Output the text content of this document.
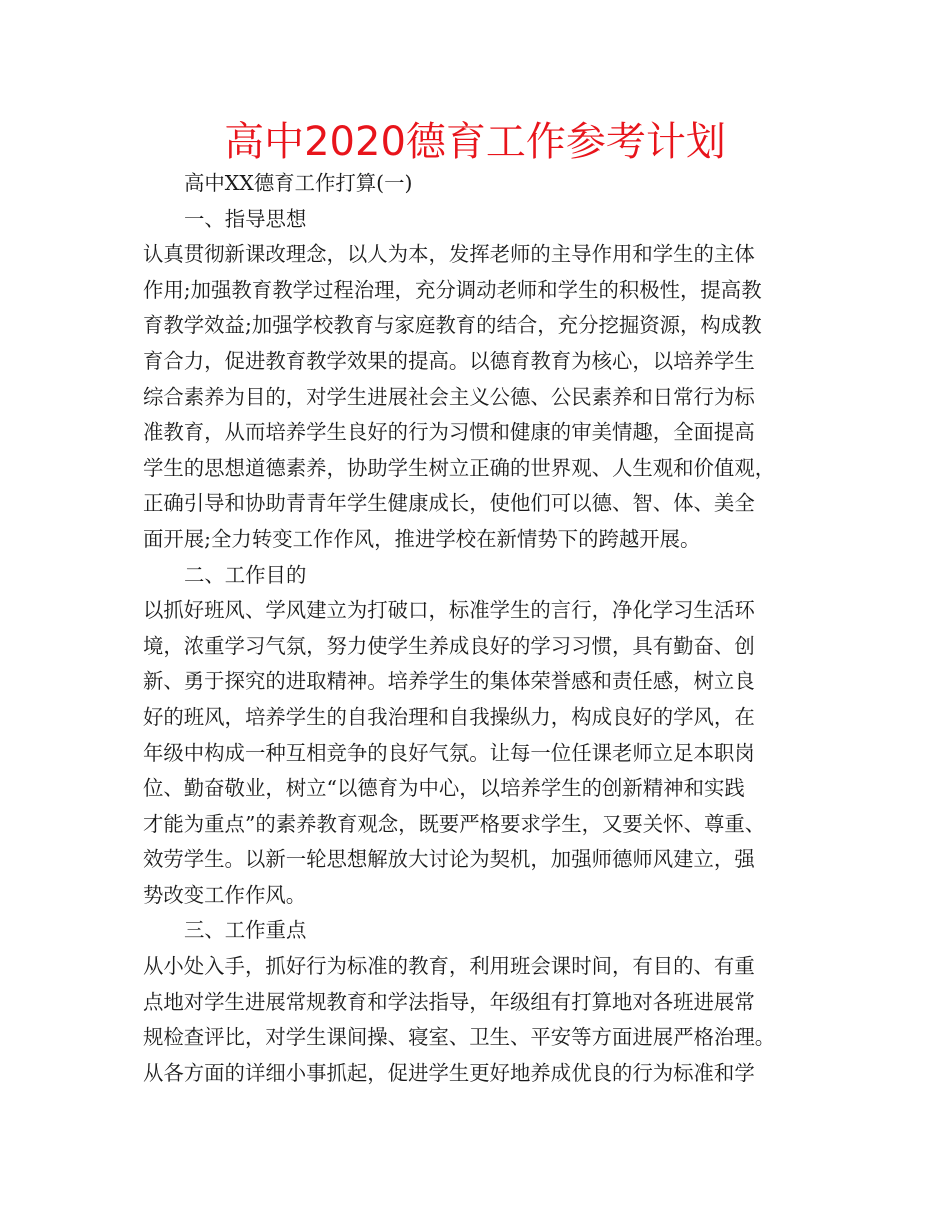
高中2020德育工作参考计划
高中XX德育工作打算(一)
一、指导思想
认真贯彻新课改理念，以人为本，发挥老师的主导作用和学生的主体
作用;加强教育教学过程治理，充分调动老师和学生的积极性，提高教
育教学效益;加强学校教育与家庭教育的结合，充分挖掘资源，构成教
育合力，促进教育教学效果的提高。以德育教育为核心，以培养学生
综合素养为目的，对学生进展社会主义公德、公民素养和日常行为标
准教育，从而培养学生良好的行为习惯和健康的审美情趣，全面提高
学生的思想道德素养，协助学生树立正确的世界观、人生观和价值观，
正确引导和协助青青年学生健康成长，使他们可以德、智、体、美全
面开展;全力转变工作作风，推进学校在新情势下的跨越开展。
二、工作目的
以抓好班风、学风建立为打破口，标准学生的言行，净化学习生活环
境，浓重学习气氛，努力使学生养成良好的学习习惯，具有勤奋、创
新、勇于探究的进取精神。培养学生的集体荣誉感和责任感，树立良
好的班风，培养学生的自我治理和自我操纵力，构成良好的学风，在
年级中构成一种互相竞争的良好气氛。让每一位任课老师立足本职岗
位、勤奋敬业，树立“以德育为中心，以培养学生的创新精神和实践
才能为重点”的素养教育观念，既要严格要求学生，又要关怀、尊重、
效劳学生。以新一轮思想解放大讨论为契机，加强师德师风建立，强
势改变工作作风。
三、工作重点
从小处入手，抓好行为标准的教育，利用班会课时间，有目的、有重
点地对学生进展常规教育和学法指导，年级组有打算地对各班进展常
规检查评比，对学生课间操、寝室、卫生、平安等方面进展严格治理。
从各方面的详细小事抓起，促进学生更好地养成优良的行为标准和学
